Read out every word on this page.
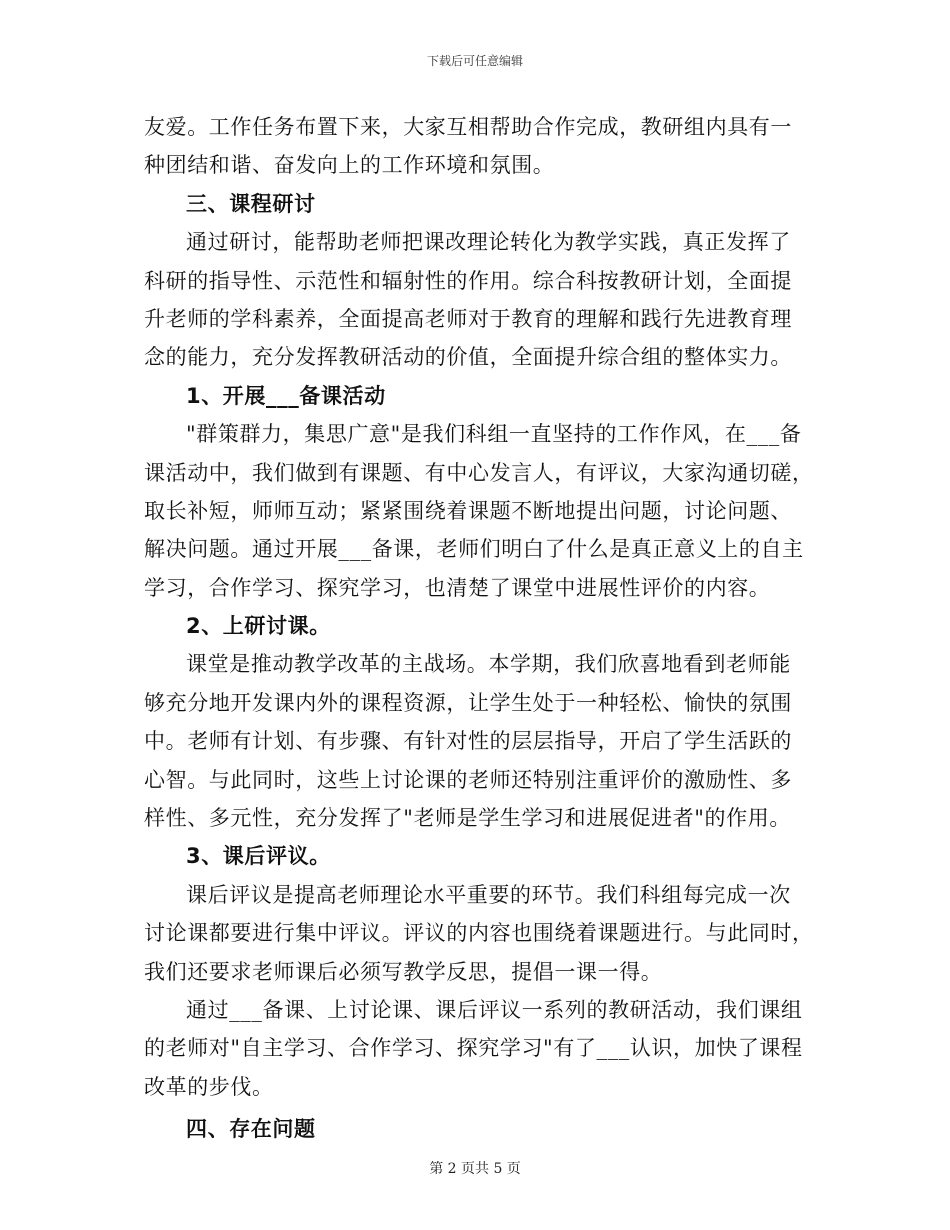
下载后可任意编辑
友爱。工作任务布置下来，大家互相帮助合作完成，教研组内具有一
种团结和谐、奋发向上的工作环境和氛围。
三、课程研讨
通过研讨，能帮助老师把课改理论转化为教学实践，真正发挥了
科研的指导性、示范性和辐射性的作用。综合科按教研计划，全面提
升老师的学科素养，全面提高老师对于教育的理解和践行先进教育理
念的能力，充分发挥教研活动的价值，全面提升综合组的整体实力。
1、开展___备课活动
"群策群力，集思广意"是我们科组一直坚持的工作作风，在___备
课活动中，我们做到有课题、有中心发言人，有评议，大家沟通切磋，
取长补短，师师互动；紧紧围绕着课题不断地提出问题，讨论问题、
解决问题。通过开展___备课，老师们明白了什么是真正意义上的自主
学习，合作学习、探究学习，也清楚了课堂中进展性评价的内容。
2、上研讨课。
课堂是推动教学改革的主战场。本学期，我们欣喜地看到老师能
够充分地开发课内外的课程资源，让学生处于一种轻松、愉快的氛围
中。老师有计划、有步骤、有针对性的层层指导，开启了学生活跃的
心智。与此同时，这些上讨论课的老师还特别注重评价的激励性、多
样性、多元性，充分发挥了"老师是学生学习和进展促进者"的作用。
3、课后评议。
课后评议是提高老师理论水平重要的环节。我们科组每完成一次
讨论课都要进行集中评议。评议的内容也围绕着课题进行。与此同时，
我们还要求老师课后必须写教学反思，提倡一课一得。
通过___备课、上讨论课、课后评议一系列的教研活动，我们课组
的老师对"自主学习、合作学习、探究学习"有了___认识，加快了课程
改革的步伐。
四、存在问题
第 2 页共 5 页
